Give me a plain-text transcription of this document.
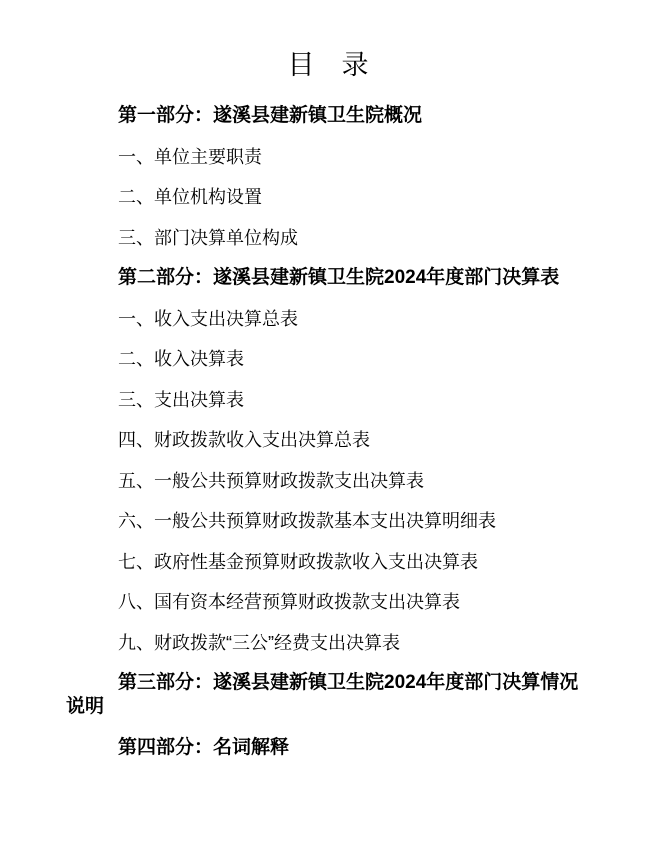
目　录

第一部分：遂溪县建新镇卫生院概况

一、单位主要职责

二、单位机构设置

三、部门决算单位构成

第二部分：遂溪县建新镇卫生院2024年度部门决算表

一、收入支出决算总表

二、收入决算表

三、支出决算表

四、财政拨款收入支出决算总表

五、一般公共预算财政拨款支出决算表

六、一般公共预算财政拨款基本支出决算明细表

七、政府性基金预算财政拨款收入支出决算表

八、国有资本经营预算财政拨款支出决算表

九、财政拨款“三公”经费支出决算表

第三部分：遂溪县建新镇卫生院2024年度部门决算情况说明

第四部分：名词解释
